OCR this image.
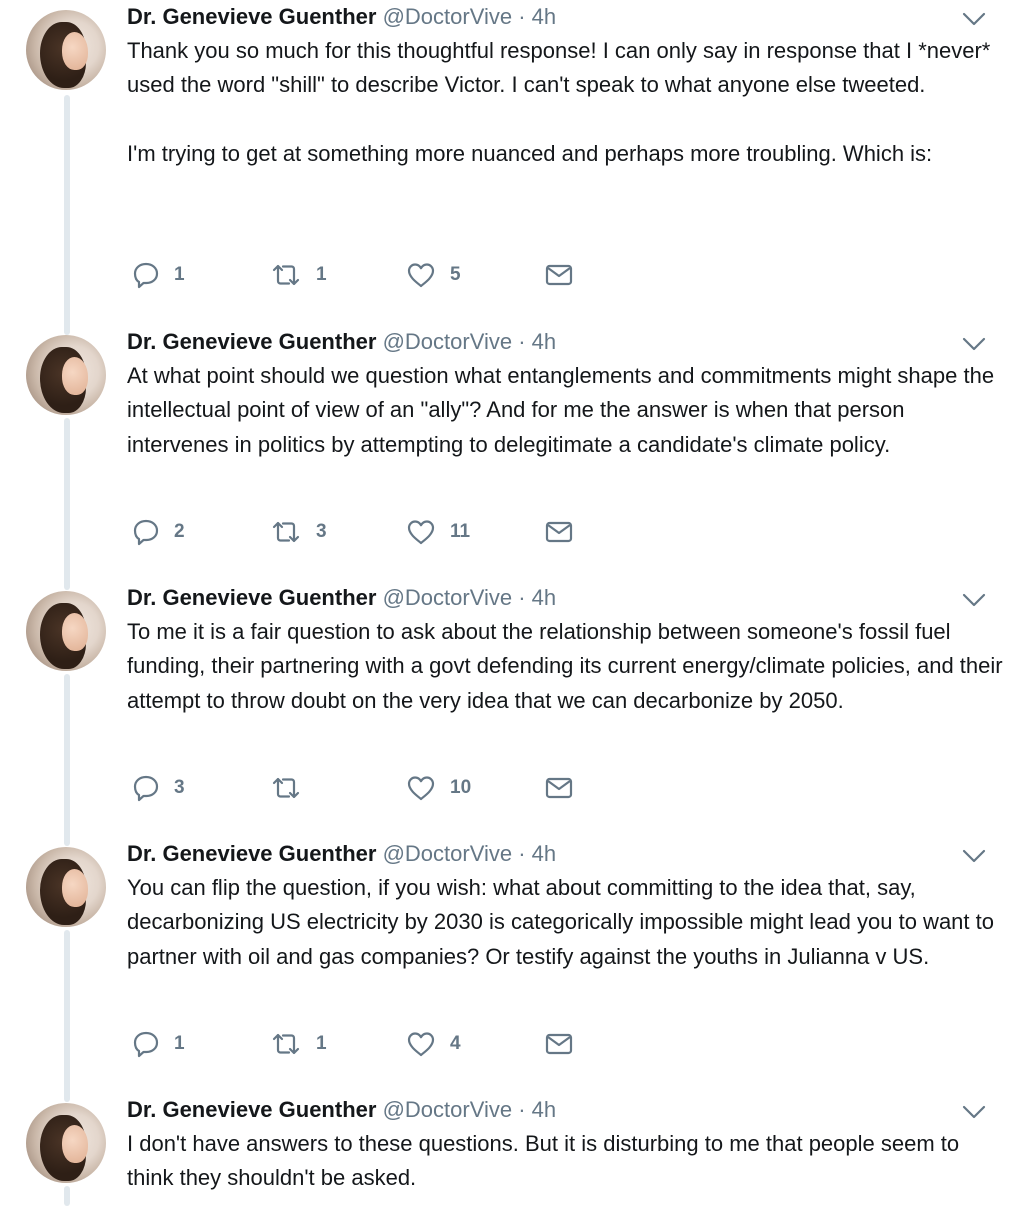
Dr. Genevieve Guenther @DoctorVive · 4h
Thank you so much for this thoughtful response! I can only say in response that I *never* used the word "shill" to describe Victor. I can't speak to what anyone else tweeted.

I'm trying to get at something more nuanced and perhaps more troubling. Which is:
1	1	5
Dr. Genevieve Guenther @DoctorVive · 4h
At what point should we question what entanglements and commitments might shape the intellectual point of view of an "ally"? And for me the answer is when that person intervenes in politics by attempting to delegitimate a candidate's climate policy.
2	3	11
Dr. Genevieve Guenther @DoctorVive · 4h
To me it is a fair question to ask about the relationship between someone's fossil fuel funding, their partnering with a govt defending its current energy/climate policies, and their attempt to throw doubt on the very idea that we can decarbonize by 2050.
3	10
Dr. Genevieve Guenther @DoctorVive · 4h
You can flip the question, if you wish: what about committing to the idea that, say, decarbonizing US electricity by 2030 is categorically impossible might lead you to want to partner with oil and gas companies? Or testify against the youths in Julianna v US.
1	1	4
Dr. Genevieve Guenther @DoctorVive · 4h
I don't have answers to these questions. But it is disturbing to me that people seem to think they shouldn't be asked.
